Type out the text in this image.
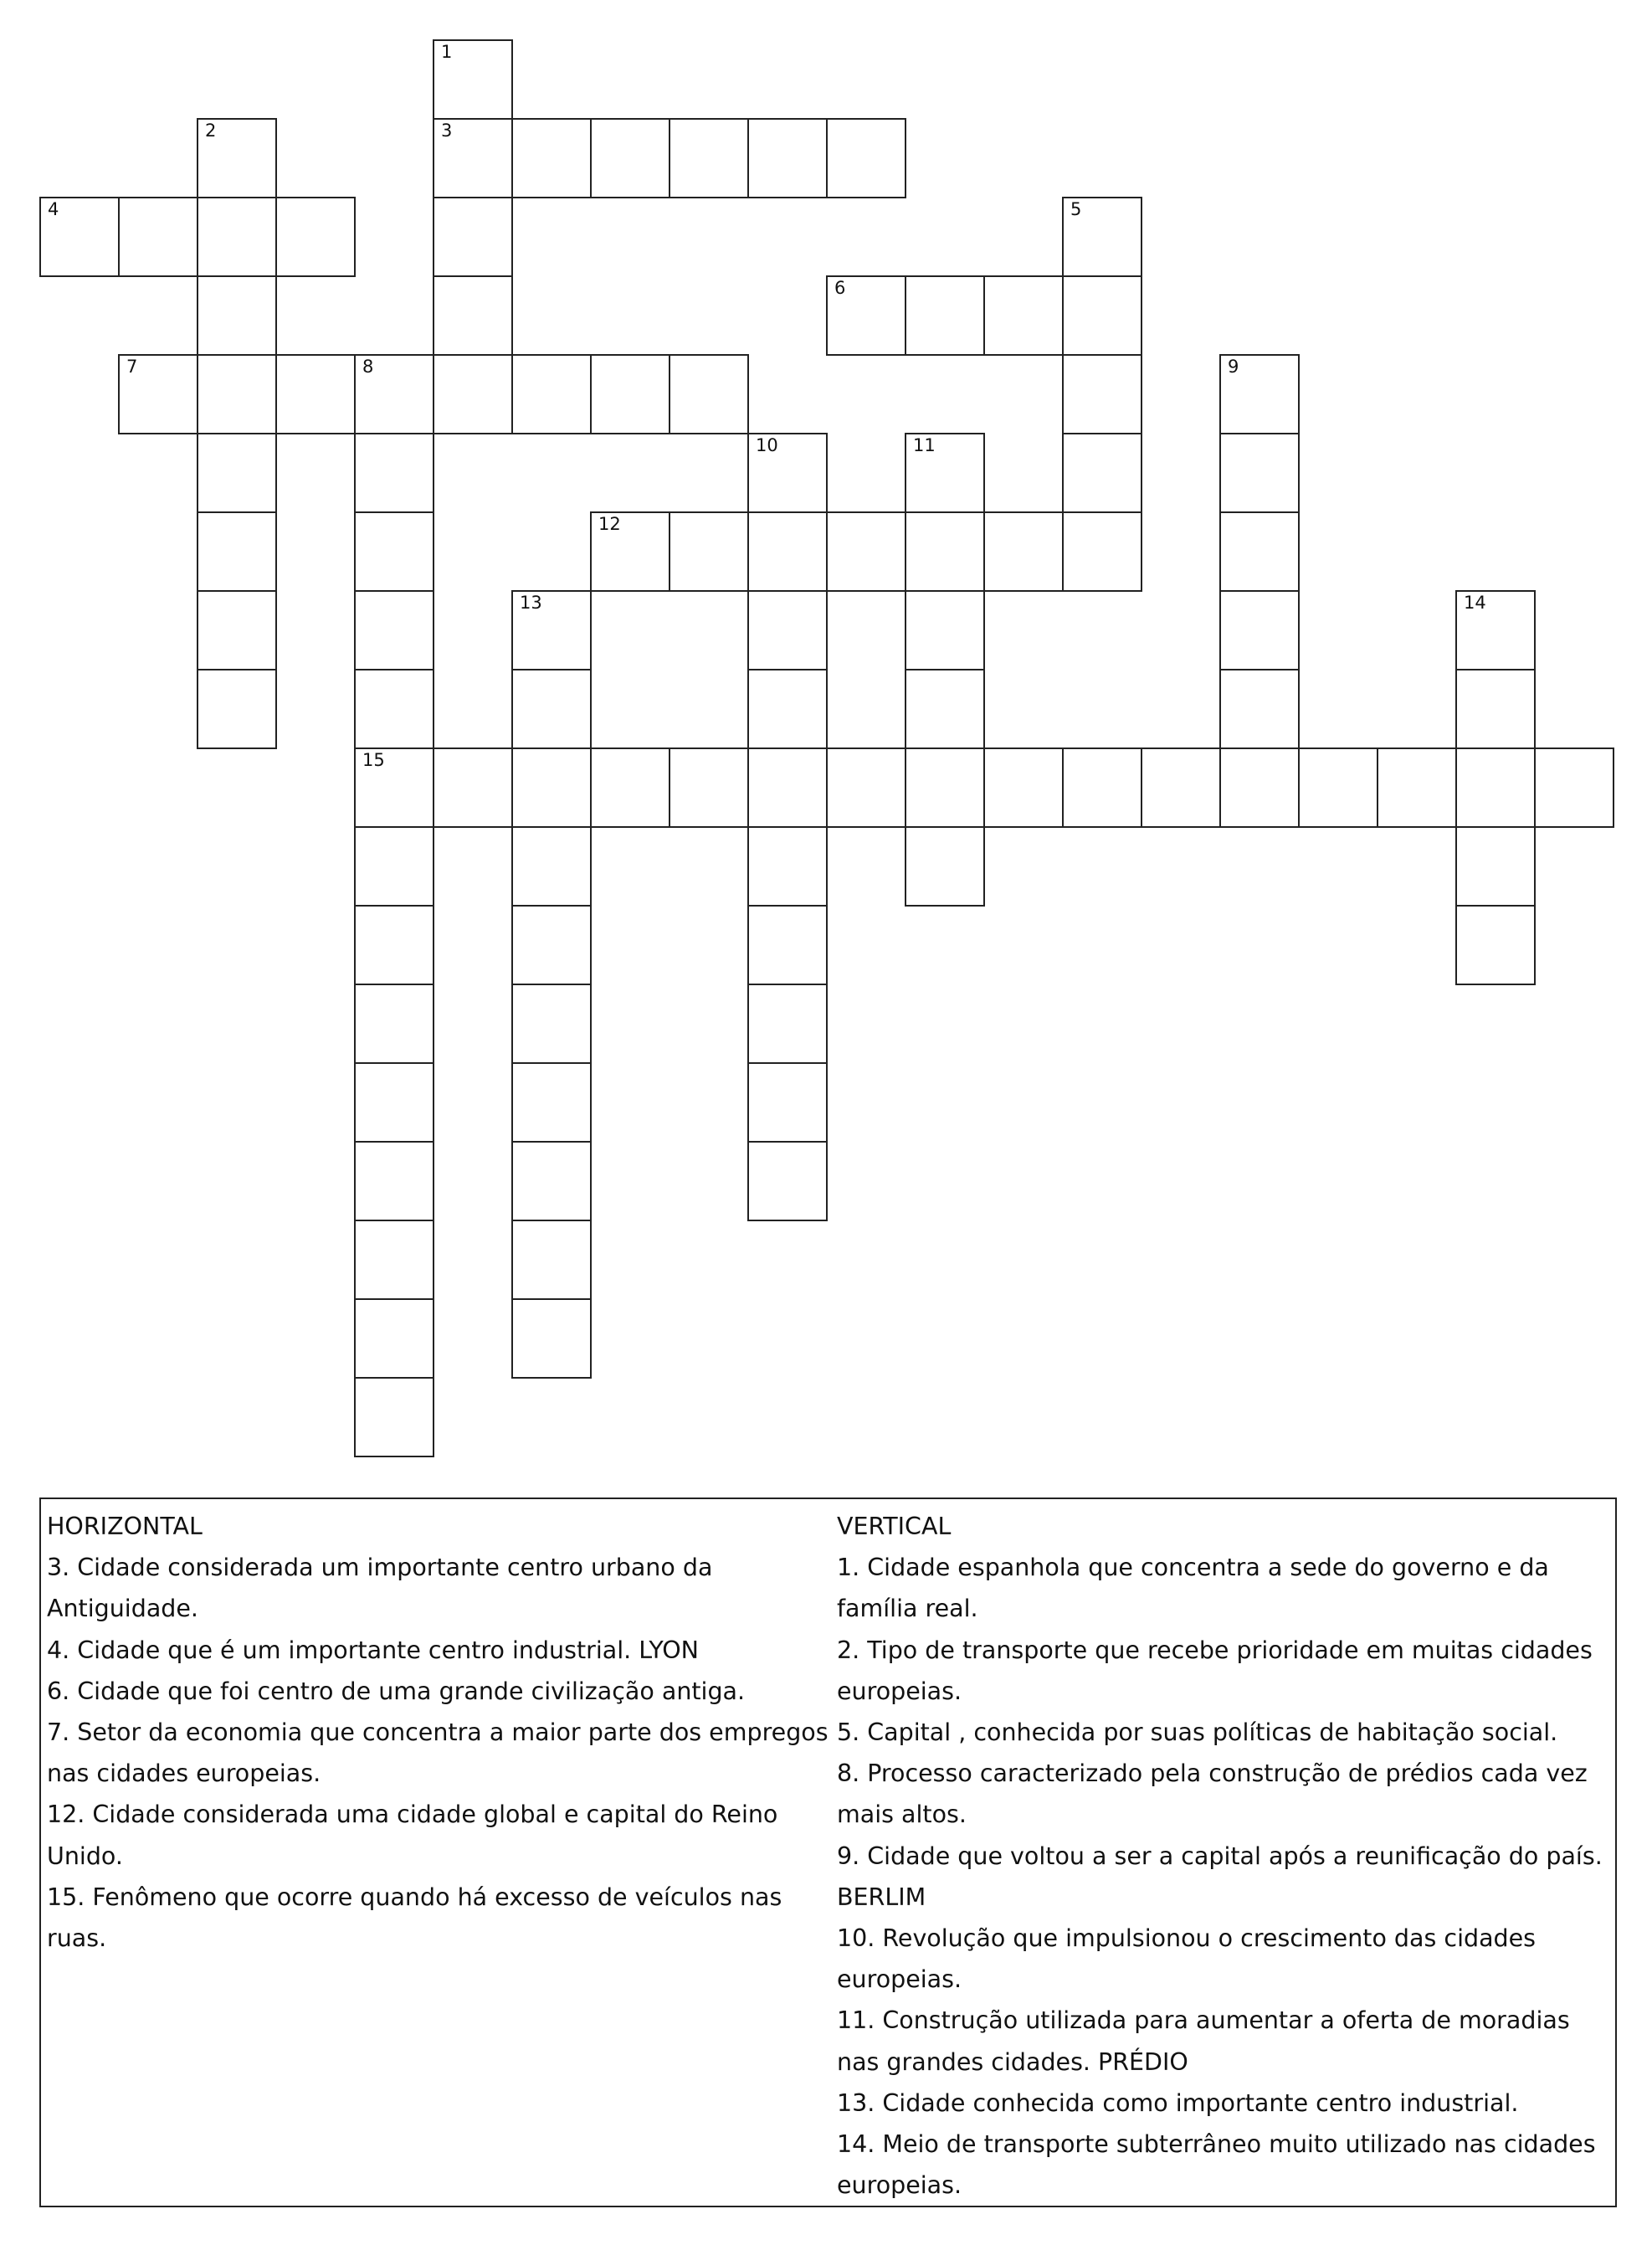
3
4
6
7	8
12
15
1
2
5
9
10	11
13	14
HORIZONTAL
3. Cidade considerada um importante centro urbano da Antiguidade.
4. Cidade que é um importante centro industrial. LYON
6. Cidade que foi centro de uma grande civilização antiga.
7. Setor da economia que concentra a maior parte dos empregos nas cidades europeias.
12. Cidade considerada uma cidade global e capital do Reino Unido.
15. Fenômeno que ocorre quando há excesso de veículos nas ruas.
VERTICAL
1. Cidade espanhola que concentra a sede do governo e da família real.
2. Tipo de transporte que recebe prioridade em muitas cidades europeias.
5. Capital , conhecida por suas políticas de habitação social.
8. Processo caracterizado pela construção de prédios cada vez mais altos.
9. Cidade que voltou a ser a capital após a reunificação do país. BERLIM
10. Revolução que impulsionou o crescimento das cidades europeias.
11. Construção utilizada para aumentar a oferta de moradias nas grandes cidades. PRÉDIO
13. Cidade conhecida como importante centro industrial.
14. Meio de transporte subterrâneo muito utilizado nas cidades europeias.
